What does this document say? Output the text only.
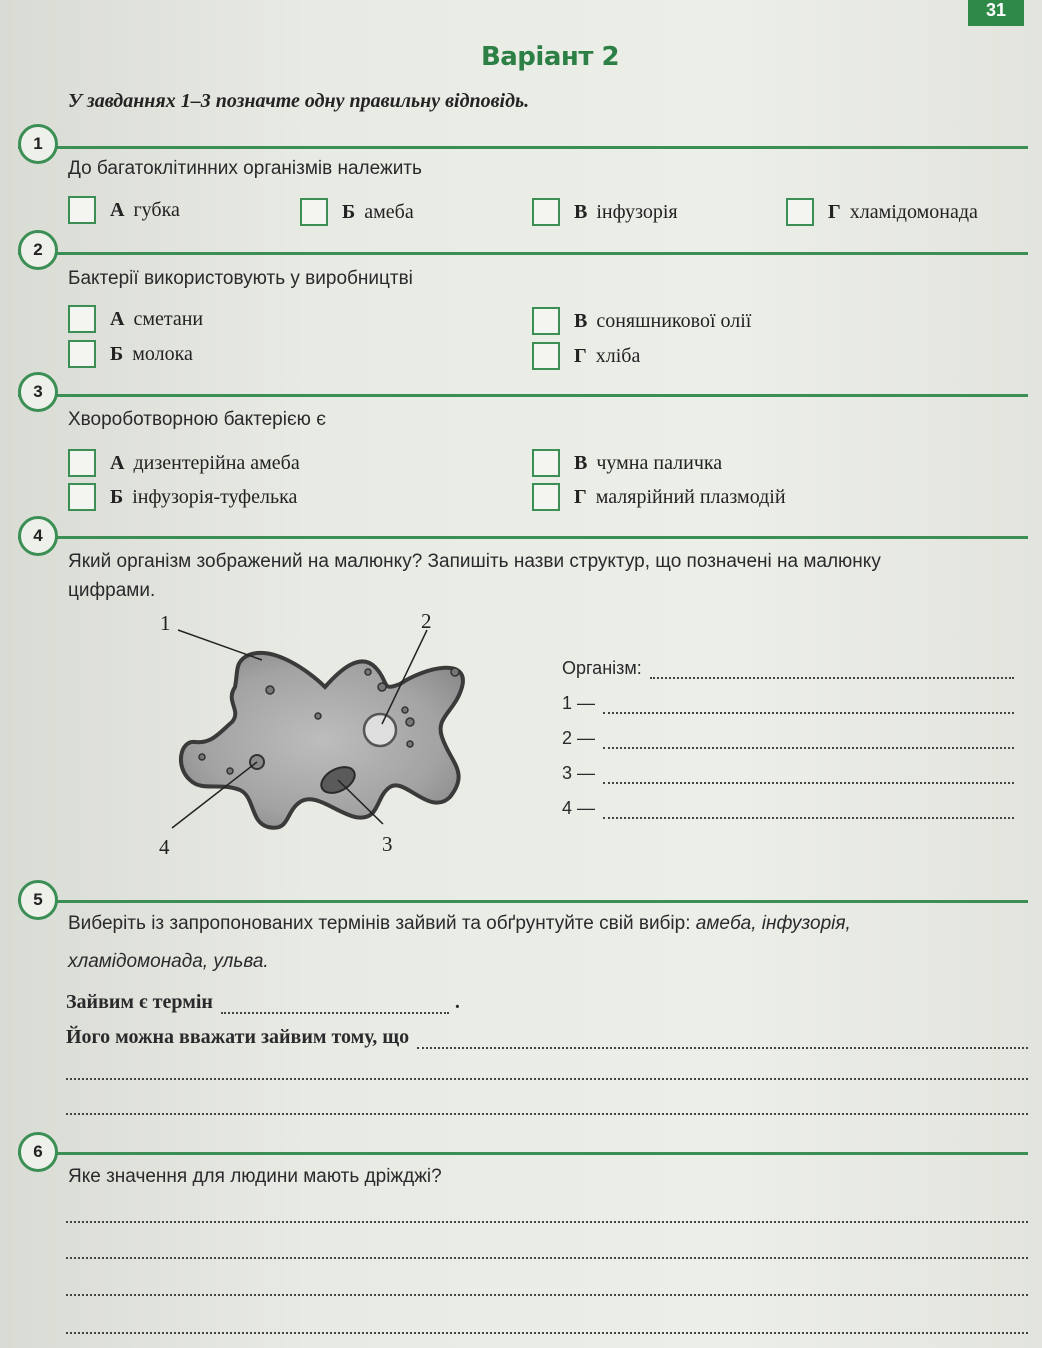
31
Варіант 2
У завданнях 1–3 позначте одну правильну відповідь.
1
До багатоклітинних організмів належить
А губка	Б амеба	В інфузорія	Г хламідомонада
2
Бактерії використовують у виробництві
А сметани
Б молока
В соняшникової олії
Г хліба
3
Хвороботворною бактерією є
А дизентерійна амеба
Б інфузорія-туфелька
В чумна паличка
Г малярійний плазмодій
4
Який організм зображений на малюнку? Запишіть назви структур, що позначені на малюнку
цифрами.
1	2
3
4
Організм:
1 —
2 —
3 —
4 —
5
Виберіть із запропонованих термінів зайвий та обґрунтуйте свій вибір: амеба, інфузорія,
хламідомонада, ульва.
Зайвим є термін	.
Його можна вважати зайвим тому, що
6
Яке значення для людини мають дріжджі?
